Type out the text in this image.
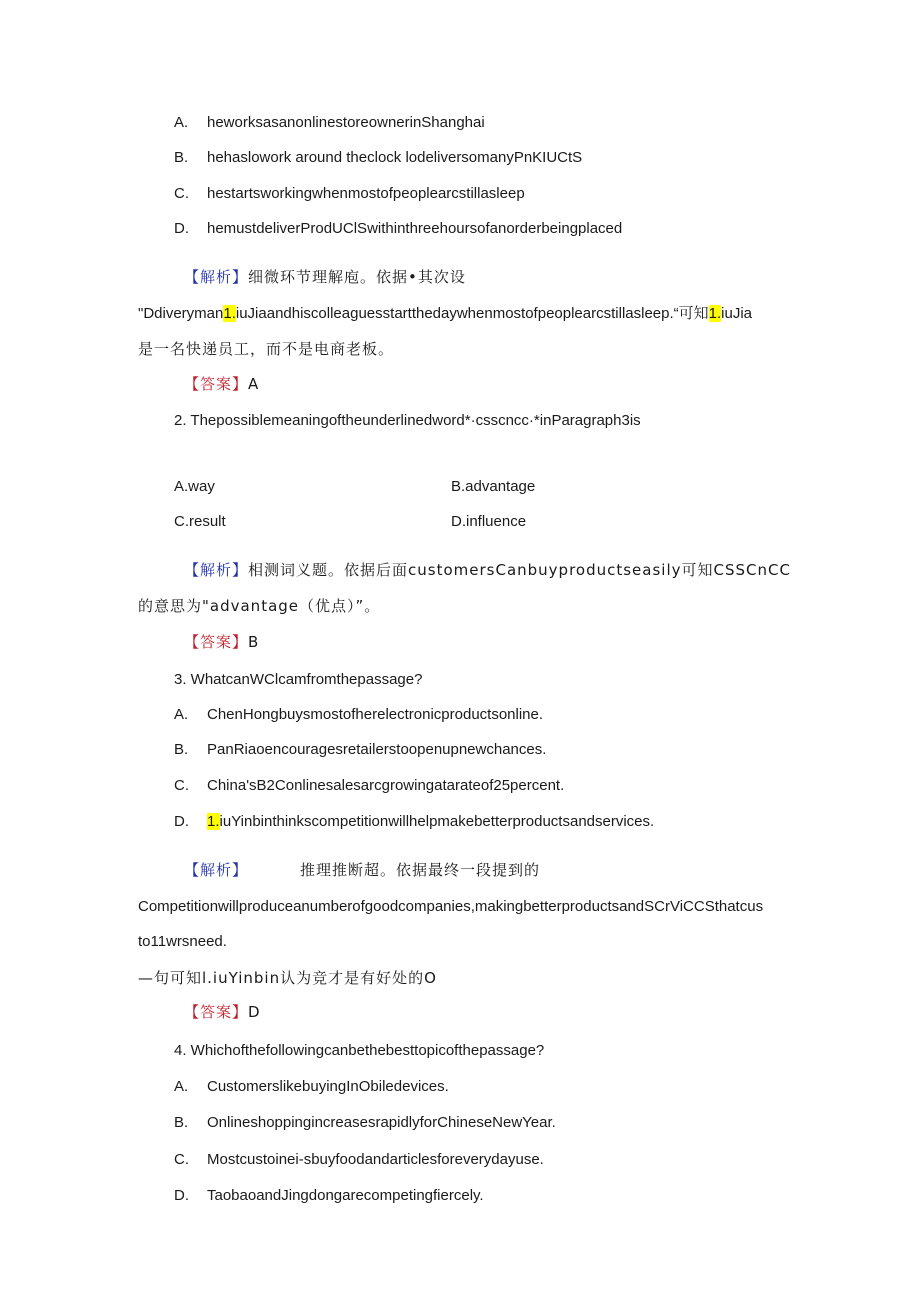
A. heworksasanonlinestoreownerinShanghai
B. hehaslowork around theclock lodeliversomanyPnKIUCtS
C. hestartsworkingwhenmostofpeoplearcstillasleep
D. hemustdeliverProdUClSwithinthreehoursofanorderbeingplaced
【解析】细微环节理解庖。依据•其次设
"Ddiveryman1.iuJiaandhiscolleaguesstartthedaywhenmostofpeoplearcstillasleep.“可知1.iuJia
是一名快递员工，而不是电商老板。
【答案】A
2. Thepossiblemeaningoftheunderlinedword*·cssсncc·*inParagraph3is
A.way	B.advantage
C.result	D.influence
【解析】相测词义题。依据后面customersCanbuyproductseasily可知CSSCnCC
的意思为"advantage（优点）”。
【答案】B
3. WhatcanWClcamfromthepassage?
A. ChenHongbuysmostofherelectronicproductsonline.
B. PanRiaoencouragesretailerstoopenupnewchances.
C. China'sB2Conlinesalesarcgrowingatarateof25percent.
D. 1.iuYinbinthinkscompetitionwillhelpmakebetterproductsandservices.
【解析】	推理推断超。依据最终一段提到的
Competitionwillproduceanumberofgoodcompanies,makingbetterproductsandSCrViCCSthatcus
to11wrsneed.
—句可知l.iuYinbin认为竞才是有好处的O
【答案】D
4. Whichofthefollowingcanbethebesttopicofthepassage?
A. CustomerslikebuyingInObiledevices.
B. OnlineshoppingincreasesrapidlyforChineseNewYear.
C. Mostcustoinei-sbuyfoodandarticlesforeverydayuse.
D. TaobaoandJingdongarecompetingfiercely.
